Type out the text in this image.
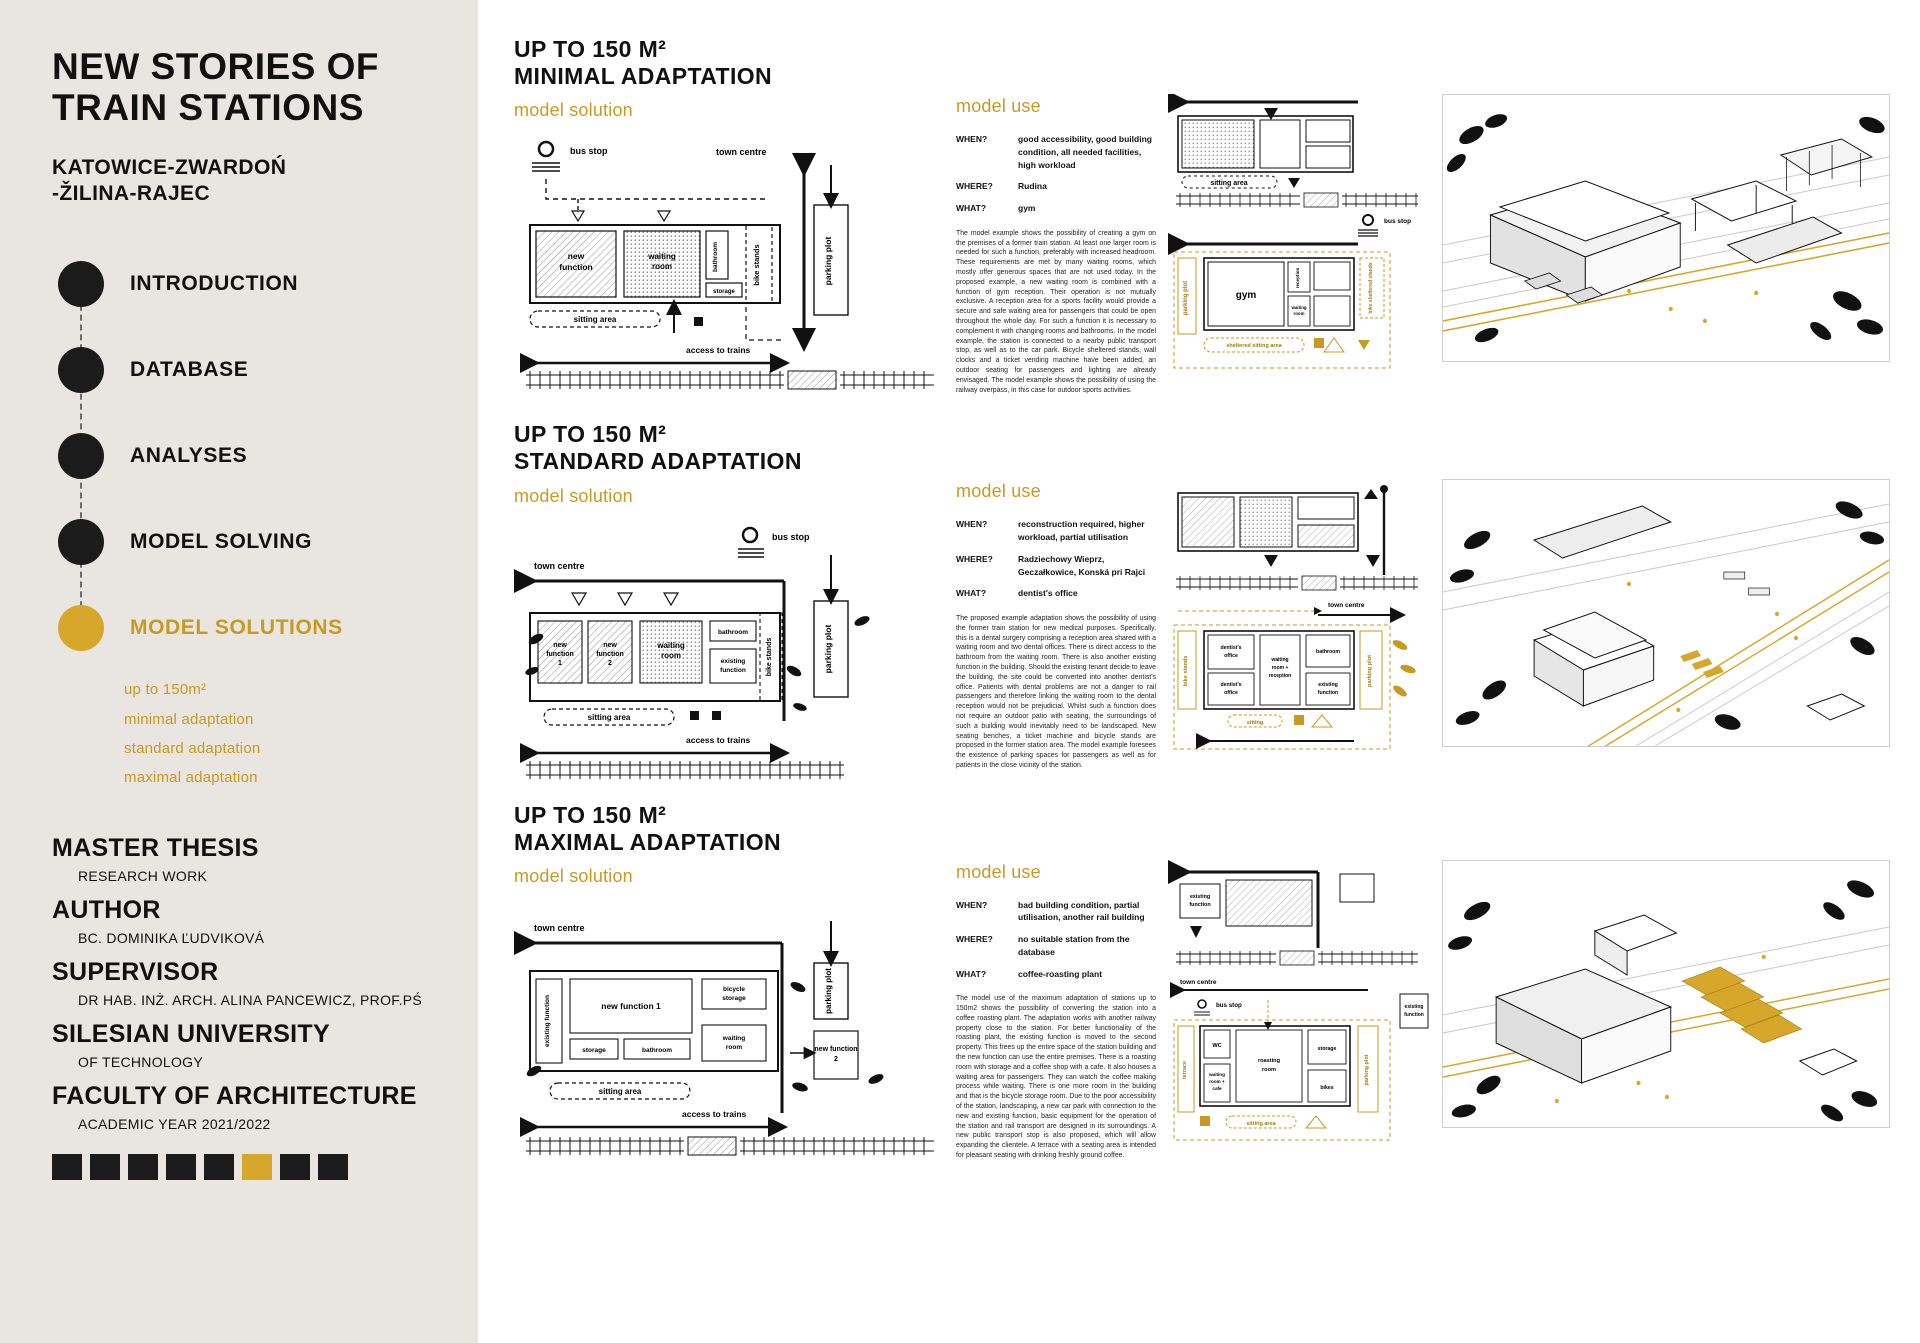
NEW STORIES OF
TRAIN STATIONS
KATOWICE-ZWARDOŃ
-ŽILINA-RAJEC
INTRODUCTION
DATABASE
ANALYSES
MODEL SOLVING
MODEL SOLUTIONS
up to 150m²
minimal adaptation
standard adaptation
maximal adaptation
MASTER THESIS
RESEARCH WORK
AUTHOR
BC. DOMINIKA ĽUDVIKOVÁ
SUPERVISOR
DR HAB. INŻ. ARCH. ALINA PANCEWICZ, PROF.PŚ
SILESIAN UNIVERSITY
OF TECHNOLOGY
FACULTY OF ARCHITECTURE
ACADEMIC YEAR 2021/2022
UP TO 150 M²
MINIMAL ADAPTATION
model solution
bus stop	town centre
new
function
waiting
room	bathroom
storage
bike stands	parking plot
sitting area
access to trains
model use
WHEN?	good accessibility, good building condition, all needed facilities, high workload
WHERE?	Rudina
WHAT?	gym
The model example shows the possibility of creating a gym on the premises of a former train station. At least one larger room is needed for such a function, preferably with increased headroom. These requirements are met by many waiting rooms, which mostly offer generous spaces that are not used today. In the proposed example, a new waiting room is combined with a function of gym reception. Their operation is not mutually exclusive. A reception area for a sports facility would provide a secure and safe waiting area for passengers that could be open throughout the whole day. For such a function it is necessary to complement it with changing rooms and bathrooms. In the model example, the station is connected to a nearby public transport stop, as well as to the car park. Bicycle sheltered stands, wall clocks and a ticket vending machine have been added, an outdoor seating for passengers and lighting are already envisaged. The model example shows the possibility of using the railway overpass, in this case for outdoor sports activities.
sitting area
bus stop
parking plot	gym
reception
waiting
room	bike sheltered stands
sheltered sitting area
UP TO 150 M²
STANDARD ADAPTATION
model solution
bus stop
town centre
new
function
1
new
function
2
waiting
room
bathroom
existing
function	bike stands	parking plot
sitting area
access to trains
model use
WHEN?	reconstruction required, higher workload, partial utilisation
WHERE?	Radziechowy Wieprz, Geczałkowice, Konská pri Rajci
WHAT?	dentist's office
The proposed example adaptation shows the possibility of using the former train station for new medical purposes. Specifically, this is a dental surgery comprising a reception area shared with a waiting room and two dental offices. There is direct access to the bathroom from the waiting room. There is also another existing function in the building. Should the existing tenant decide to leave the building, the site could be converted into another dentist's office. Patients with dental problems are not a danger to rail passengers and therefore linking the waiting room to the dental reception would not be prejudicial. Whilst such a function does not require an outdoor patio with seating, the surroundings of such a building would inevitably need to be landscaped. New seating benches, a ticket machine and bicycle stands are proposed in the former station area. The model example foresees the existence of parking spaces for passengers as well as for patients in the close vicinity of the station.
town centre
bike stands
dentist's
office
dentist's
office
waiting
room +
reception
bathroom
existing
function
parking plot
sitting
UP TO 150 M²
MAXIMAL ADAPTATION
model solution
town centre
existing function	new function 1
storage	bathroom
bicycle
storage
waiting
room
parking plot
new function
2
sitting area
access to trains
model use
WHEN?	bad building condition, partial utilisation, another rail building
WHERE?	no suitable station from the database
WHAT?	coffee-roasting plant
The model use of the maximum adaptation of stations up to 150m2 shows the possibility of converting the station into a coffee roasting plant. The adaptation works with another railway property close to the station. For better functionality of the roasting plant, the existing function is moved to the second property. This frees up the entire space of the station building and the new function can use the entire premises. There is a roasting room with storage and a coffee shop with a cafe. It also houses a waiting area for passengers. They can watch the coffee making process while waiting. There is one more room in the building and that is the bicycle storage room. Due to the poor accessibility of the station, landscaping, a new car park with connection to the new and existing function, basic equipment for the operation of the station and rail transport are designed in its surroundings. A new public transport stop is also proposed, which will allow expanding the clientele. A terrace with a seating area is intended for pleasant seating with drinking freshly ground coffee.
existing
function
town centre
bus stop
terrace
WC
waiting
room +
cafe
roasting
room
storage
bikes
parking plot
sitting area
existing
function
